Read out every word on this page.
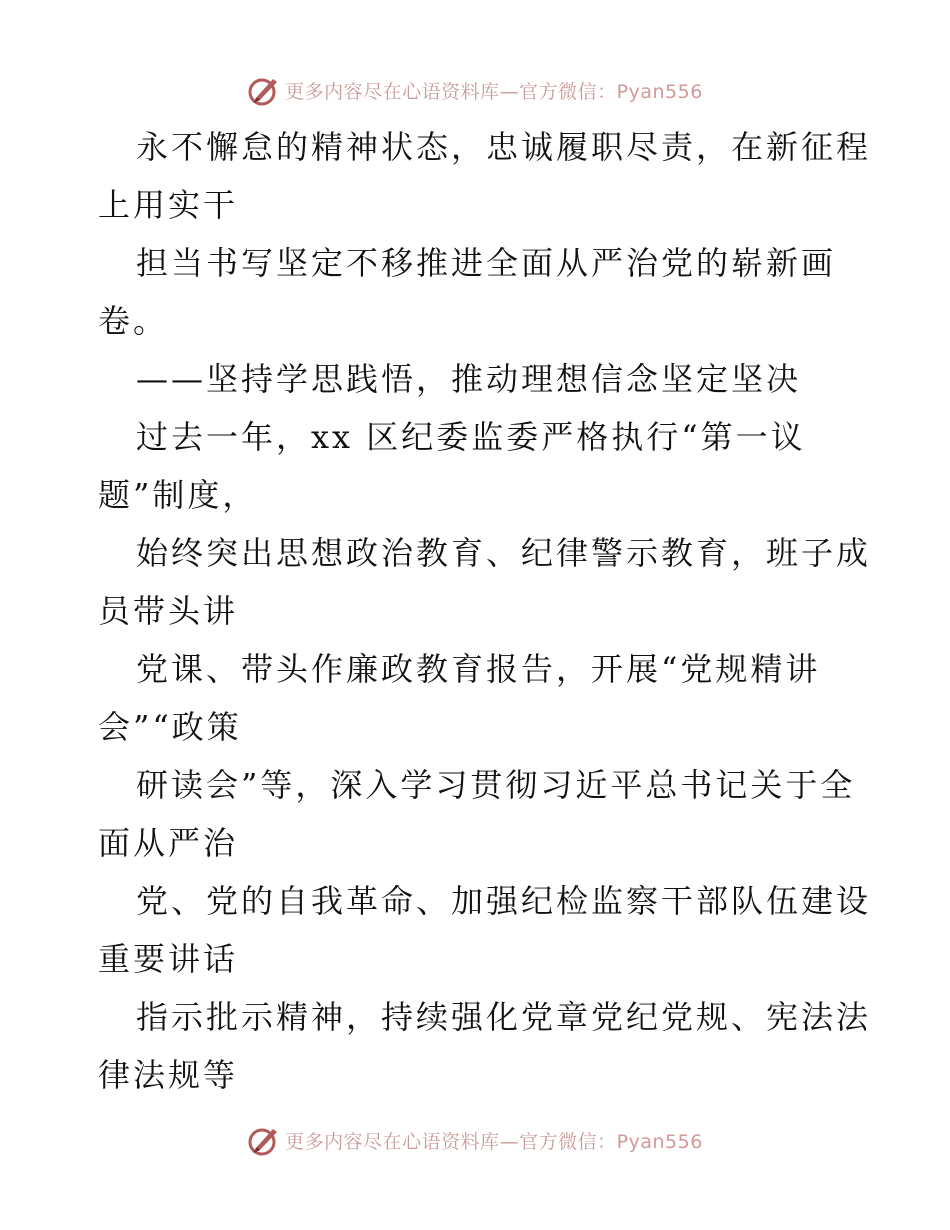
更多内容尽在心语资料库—官方微信：Pyan556
永不懈怠的精神状态，忠诚履职尽责，在新征程
上用实干
担当书写坚定不移推进全面从严治党的崭新画
卷。
——坚持学思践悟，推动理想信念坚定坚决
过去一年，xx 区纪委监委严格执行“第一议
题”制度，
始终突出思想政治教育、纪律警示教育，班子成
员带头讲
党课、带头作廉政教育报告，开展“党规精讲
会”“政策
研读会”等，深入学习贯彻习近平总书记关于全
面从严治
党、党的自我革命、加强纪检监察干部队伍建设
重要讲话
指示批示精神，持续强化党章党纪党规、宪法法
律法规等
更多内容尽在心语资料库—官方微信：Pyan556
